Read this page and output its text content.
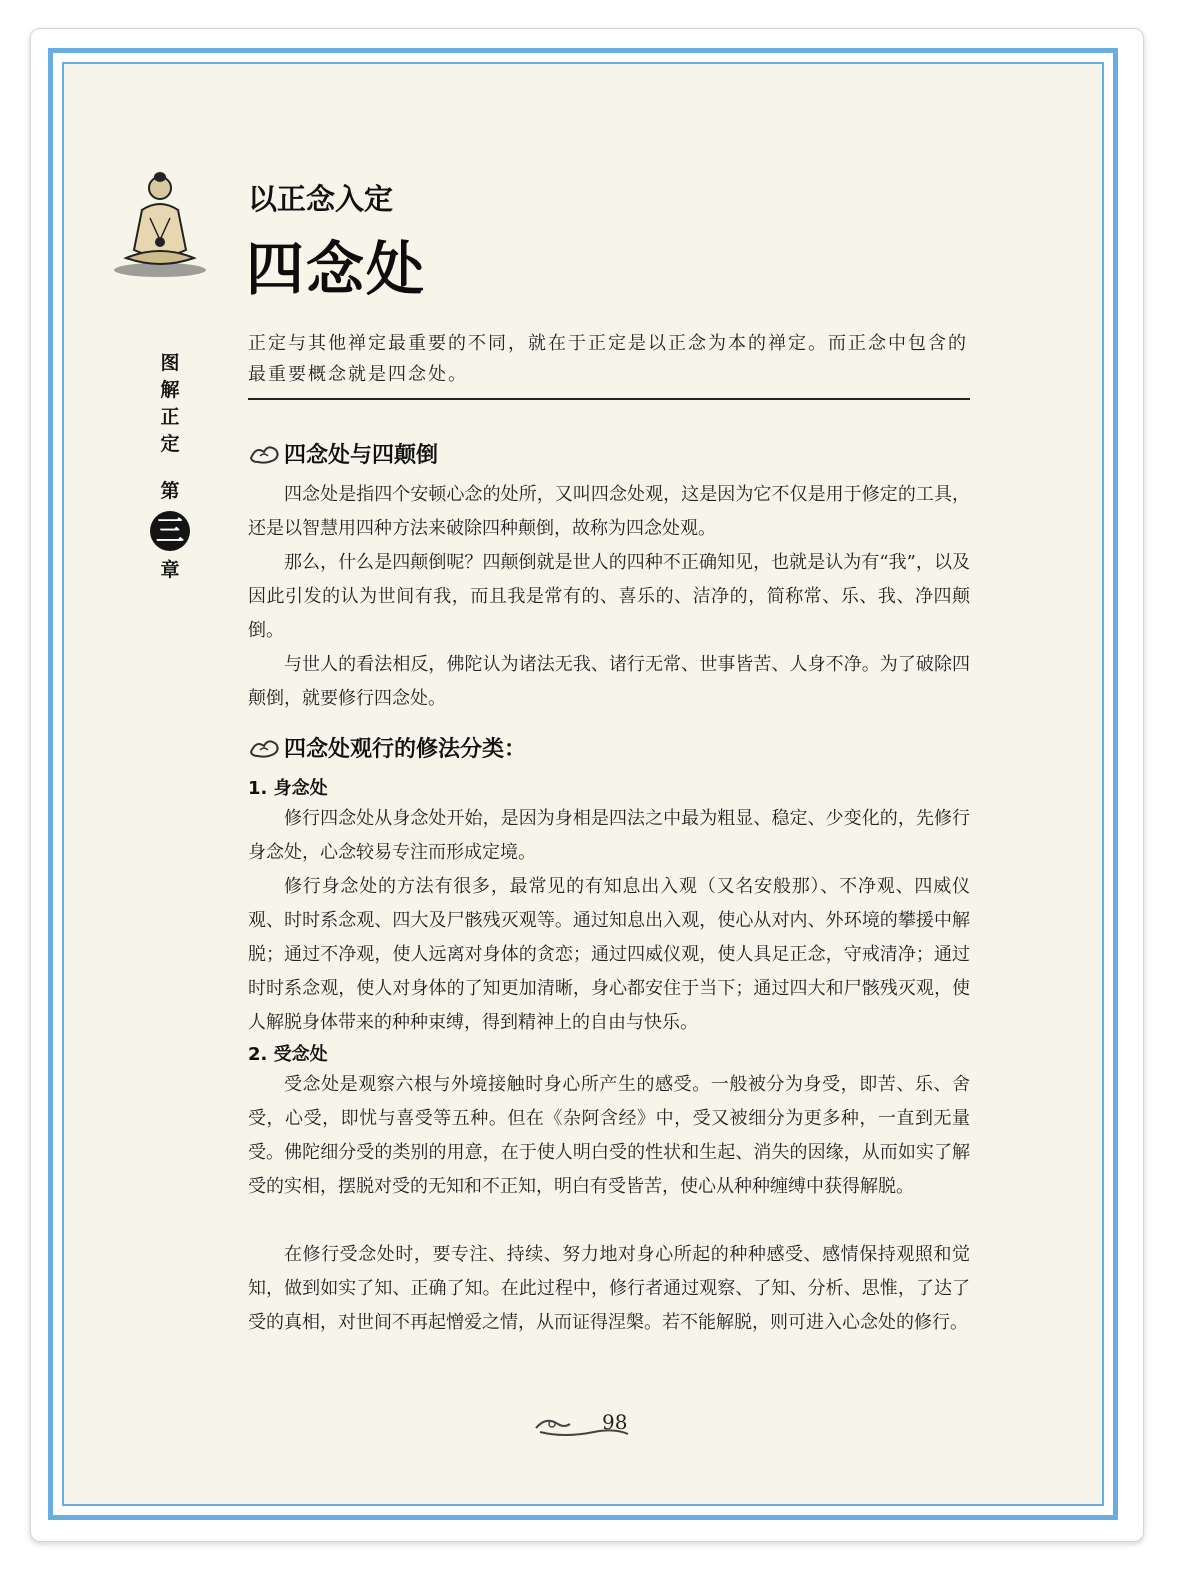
图
解
正
定
第
三
章
以正念入定
四念处
正定与其他禅定最重要的不同，就在于正定是以正念为本的禅定。而正念中包含的最重要概念就是四念处。
四念处与四颠倒
四念处是指四个安顿心念的处所，又叫四念处观，这是因为它不仅是用于修定的工具，还是以智慧用四种方法来破除四种颠倒，故称为四念处观。
那么，什么是四颠倒呢？四颠倒就是世人的四种不正确知见，也就是认为有“我”，以及因此引发的认为世间有我，而且我是常有的、喜乐的、洁净的，简称常、乐、我、净四颠倒。
与世人的看法相反，佛陀认为诸法无我、诸行无常、世事皆苦、人身不净。为了破除四颠倒，就要修行四念处。
四念处观行的修法分类：
1. 身念处
修行四念处从身念处开始，是因为身相是四法之中最为粗显、稳定、少变化的，先修行身念处，心念较易专注而形成定境。
修行身念处的方法有很多，最常见的有知息出入观（又名安般那）、不净观、四威仪观、时时系念观、四大及尸骸残灭观等。通过知息出入观，使心从对内、外环境的攀援中解脱；通过不净观，使人远离对身体的贪恋；通过四威仪观，使人具足正念，守戒清净；通过时时系念观，使人对身体的了知更加清晰，身心都安住于当下；通过四大和尸骸残灭观，使人解脱身体带来的种种束缚，得到精神上的自由与快乐。
2. 受念处
受念处是观察六根与外境接触时身心所产生的感受。一般被分为身受，即苦、乐、舍受，心受，即忧与喜受等五种。但在《杂阿含经》中，受又被细分为更多种，一直到无量受。佛陀细分受的类别的用意，在于使人明白受的性状和生起、消失的因缘，从而如实了解受的实相，摆脱对受的无知和不正知，明白有受皆苦，使心从种种缠缚中获得解脱。
在修行受念处时，要专注、持续、努力地对身心所起的种种感受、感情保持观照和觉知，做到如实了知、正确了知。在此过程中，修行者通过观察、了知、分析、思惟，了达了受的真相，对世间不再起憎爱之情，从而证得涅槃。若不能解脱，则可进入心念处的修行。
98
